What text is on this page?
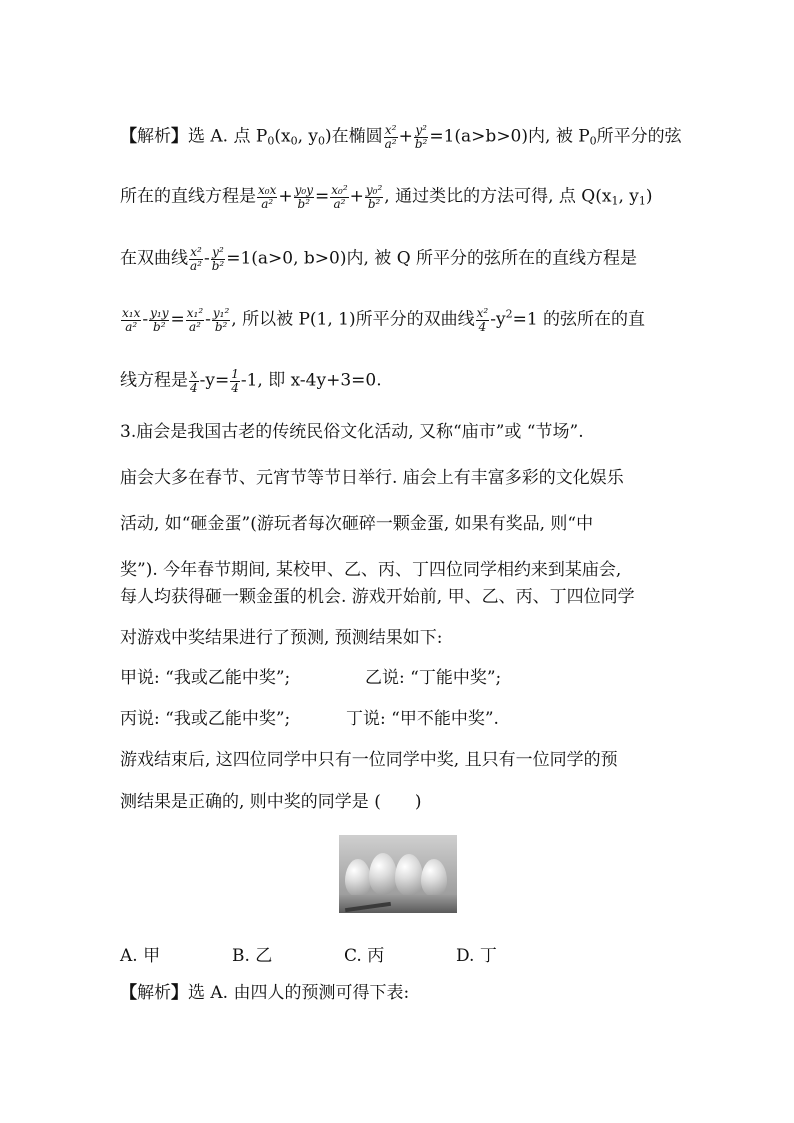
【解析】选 A. 点 $P_0(x_0$, $y_0$)在椭圆 $\frac{\text{x²}}{\text{a²}} + \frac{\text{y²}}{\text{b²}} =1(a>b>0)$内, 被 $P_0$所平分的弦
所在的直线方程是 $\frac{\text{x₀x}}{\text{a²}} + \frac{\text{y₀y}}{\text{b²}} = \frac{\text{x₀²}}{\text{a²}} + \frac{\text{y₀²}}{\text{b²}}$ , 通过类比的方法可得, 点 $Q(x_1$, $y_1$)
在双曲线 $\frac{\text{x²}}{\text{a²}} - \frac{\text{y²}}{\text{b²}} =1(a>0$, b>0)内, 被 Q 所平分的弦所在的直线方程是
$\frac{\text{x₁x}}{\text{a²}} - \frac{\text{y₁y}}{\text{b²}} = \frac{\text{x₁²}}{\text{a²}} - \frac{\text{y₁²}}{\text{b²}}$ , 所以被 P(1, 1)所平分的双曲线 $\frac{\text{x²}}{4} -y^2=1$ 的弦所在的直
线方程是 $\frac{x}{4} -y= \frac{1}{4} -1$, 即 x-4y+3=0.
3.庙会是我国古老的传统民俗文化活动, 又称“庙市”或 “节场”.
庙会大多在春节、元宵节等节日举行. 庙会上有丰富多彩的文化娱乐
活动, 如“砸金蛋”(游玩者每次砸碎一颗金蛋, 如果有奖品, 则“中
奖”). 今年春节期间, 某校甲、乙、丙、丁四位同学相约来到某庙会,
每人均获得砸一颗金蛋的机会. 游戏开始前, 甲、乙、丙、丁四位同学
对游戏中奖结果进行了预测, 预测结果如下:
甲说: “我或乙能中奖”;	乙说: “丁能中奖”;
丙说: “我或乙能中奖”;	丁说: “甲不能中奖”.
游戏结束后, 这四位同学中只有一位同学中奖, 且只有一位同学的预
测结果是正确的, 则中奖的同学是 (　　)
A. 甲	B. 乙	C. 丙	D. 丁
【解析】选 A. 由四人的预测可得下表:
